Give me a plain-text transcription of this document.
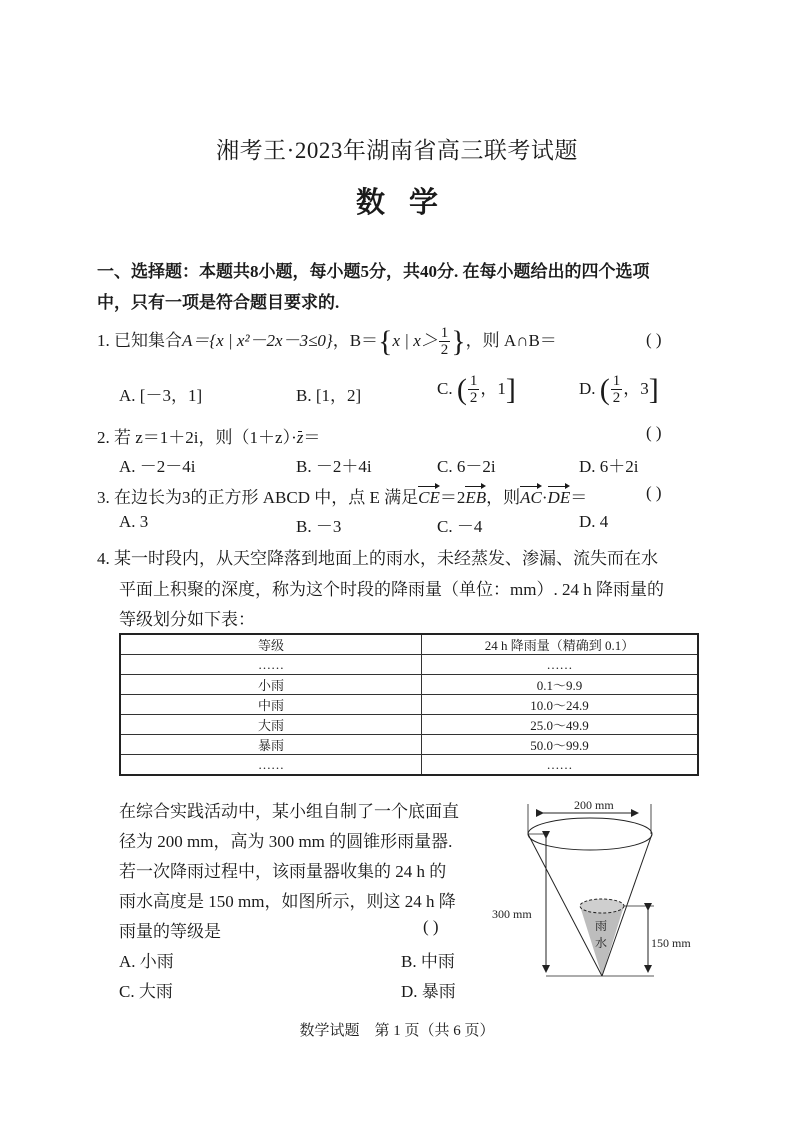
湘考王·2023年湖南省高三联考试题
数学
一、选择题：本题共8小题，每小题5分，共40分. 在每小题给出的四个选项
中，只有一项是符合题目要求的.
1. 已知集合A＝{x | x²－2x－3≤0}，B＝{x | $x> \frac{1}{2}$ }，则 A∩B＝	( )
A. [－3，1]	B. [1，2]	C. ( $\frac{1}{2}$ ，1]	D. ( $\frac{1}{2}$ ，3]
2. 若 z＝1＋2i，则（1＋z）·z＝	( )
A. －2－4i	B. －2＋4i	C. 6－2i	D. 6＋2i
3. 在边长为3的正方形 ABCD 中，点 E 满足CE＝2EB，则AC·DE＝	( )
A. 3	B. －3	C. －4	D. 4
4. 某一时段内，从天空降落到地面上的雨水，未经蒸发、渗漏、流失而在水
平面上积聚的深度，称为这个时段的降雨量（单位：mm）. 24 h 降雨量的
等级划分如下表：
等级	24 h 降雨量（精确到 0.1）
……	……
小雨	0.1～9.9
中雨	10.0～24.9
大雨	25.0～49.9
暴雨	50.0～99.9
……	……
在综合实践活动中，某小组自制了一个底面直
径为 200 mm，高为 300 mm 的圆锥形雨量器.
若一次降雨过程中，该雨量器收集的 24 h 的
雨水高度是 150 mm，如图所示，则这 24 h 降
雨量的等级是	( )
A. 小雨	B. 中雨
C. 大雨	D. 暴雨
200 mm
雨
水
300 mm
150 mm
数学试题　第 1 页（共 6 页）
